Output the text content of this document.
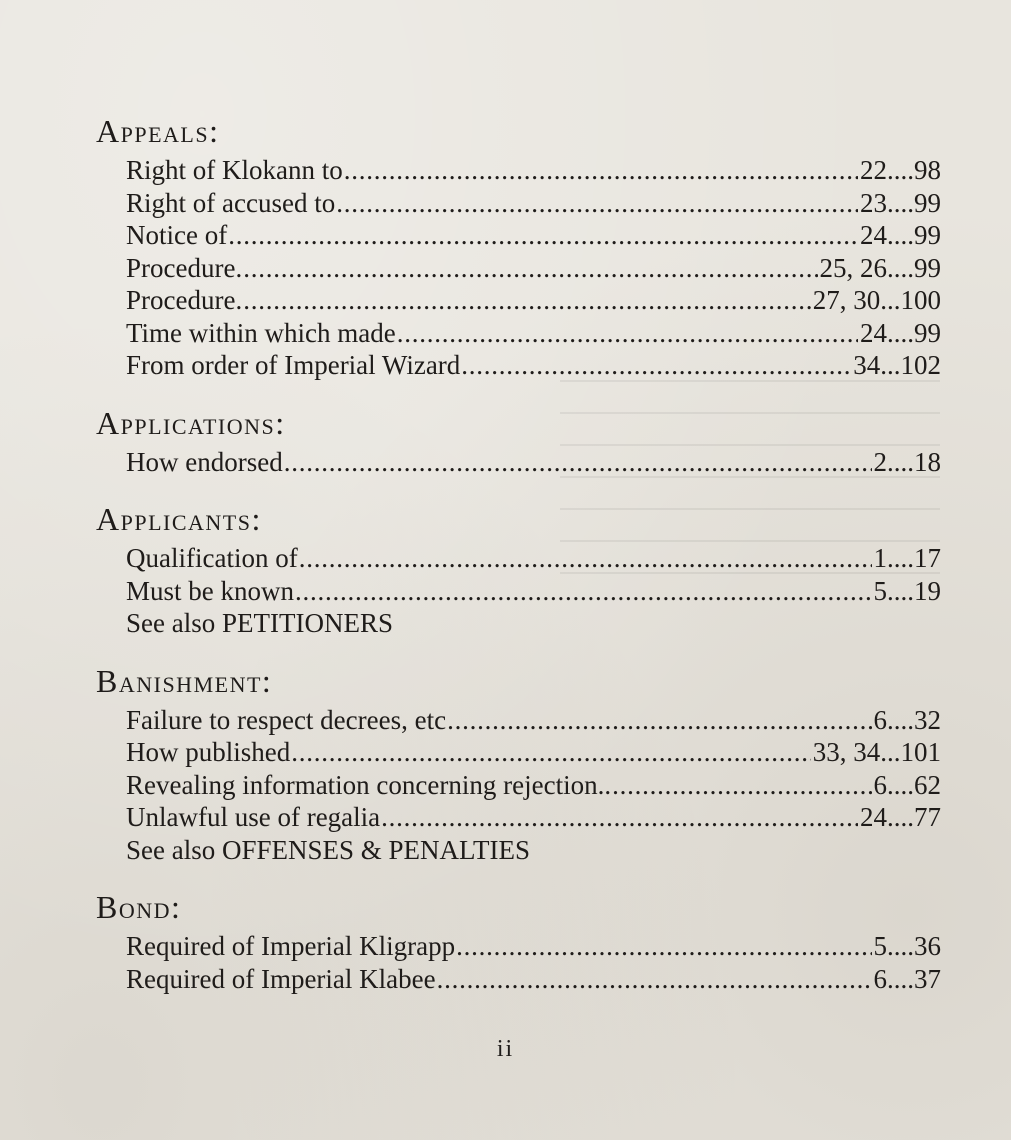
Appeals:
Right of Klokann to . . .	22....98
Right of accused to . . .	23....99
Notice of . . .	24....99
Procedure. . . .	25, 26....99
Procedure. . . .	27, 30...100
Time within which made . . .	24....99
From order of Imperial Wizard . . .	34...102
Applications:
How endorsed . . .	2....18
Applicants:
Qualification of . . .	1....17
Must be known . . .	5....19
See also PETITIONERS
Banishment:
Failure to respect decrees, etc . . .	6....32
How published . . .	33, 34...101
Revealing information concerning rejection.. . . .	6....62
Unlawful use of regalia . . .	24....77
See also OFFENSES & PENALTIES
Bond:
Required of Imperial Kligrapp . . .	5....36
Required of Imperial Klabee . . .	6....37
ii
